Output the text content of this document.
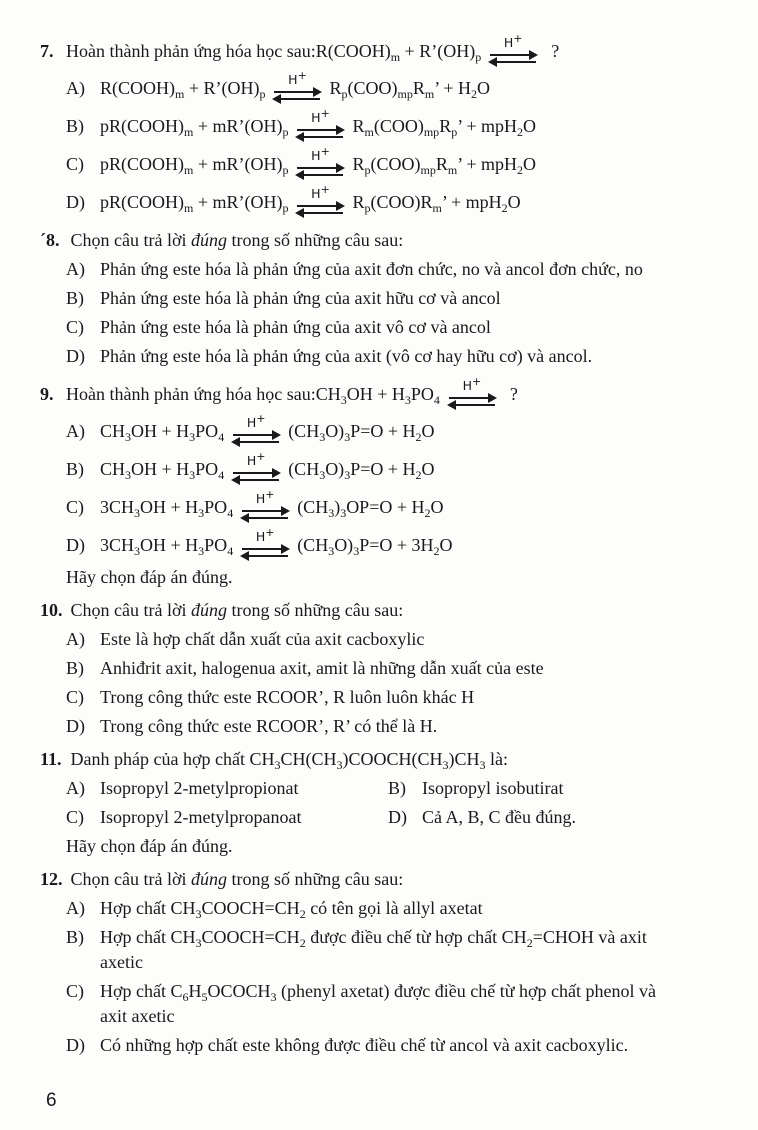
7. Hoàn thành phản ứng hóa học sau: $R(COOH)_m$ + $R’(OH)_p$
H+
?
A) $R(COOH)_m$ + $R’(OH)_p$
H+
$R_p(COO)_{mp}R_m$’ + $H_2O$
B) $pR(COOH)_m$ + $mR’(OH)_p$
H+
$R_m(COO)_{mp}R_p$’ + mpH$_2$O
C) $pR(COOH)_m$ + $mR’(OH)_p$
H+
$R_p(COO)_{mp}R_m$’ + mpH$_2$O
D) $pR(COOH)_m$ + $mR’(OH)_p$
H+
$R_p(COO)R_m$’ + mpH$_2$O
´8. Chọn câu trả lời đúng trong số những câu sau:
A) Phản ứng este hóa là phản ứng của axit đơn chức, no và ancol đơn chức, no
B) Phản ứng este hóa là phản ứng của axit hữu cơ và ancol
C) Phản ứng este hóa là phản ứng của axit vô cơ và ancol
D) Phản ứng este hóa là phản ứng của axit (vô cơ hay hữu cơ) và ancol.
9. Hoàn thành phản ứng hóa học sau: $CH_3OH + H_3PO_4$
H+
?
A) $CH_3OH + H_3PO_4$
H+
$(CH_3O)_3P=O + H_2O$
B) $CH_3OH + H_3PO_4$
H+
$(CH_3O)_3P=O + H_2O$
C) $3CH_3OH + H_3PO_4$
H+
$(CH_3)_3OP=O + H_2O$
D) $3CH_3OH + H_3PO_4$
H+
$(CH_3O)_3P=O + 3H_2O$
Hãy chọn đáp án đúng.
10. Chọn câu trả lời đúng trong số những câu sau:
A) Este là hợp chất dẫn xuất của axit cacboxylic
B) Anhiđrit axit, halogenua axit, amit là những dẫn xuất của este
C) Trong công thức este RCOOR’, R luôn luôn khác H
D) Trong công thức este RCOOR’, R’ có thể là H.
11. Danh pháp của hợp chất $CH_3CH(CH_3)COOCH(CH_3)CH_3$ là:
A) Isopropyl 2-metylpropionat	B) Isopropyl isobutirat
C) Isopropyl 2-metylpropanoat	D) Cả A, B, C đều đúng.
Hãy chọn đáp án đúng.
12. Chọn câu trả lời đúng trong số những câu sau:
A) Hợp chất $CH_3COOCH=CH_2$ có tên gọi là allyl axetat
B) Hợp chất $CH_3COOCH=CH_2$ được điều chế từ hợp chất $CH_2=CHOH$ và axit
axetic
C) Hợp chất $C_6H_5OCOCH_3$ (phenyl axetat) được điều chế từ hợp chất phenol và
axit axetic
D) Có những hợp chất este không được điều chế từ ancol và axit cacboxylic.
6
